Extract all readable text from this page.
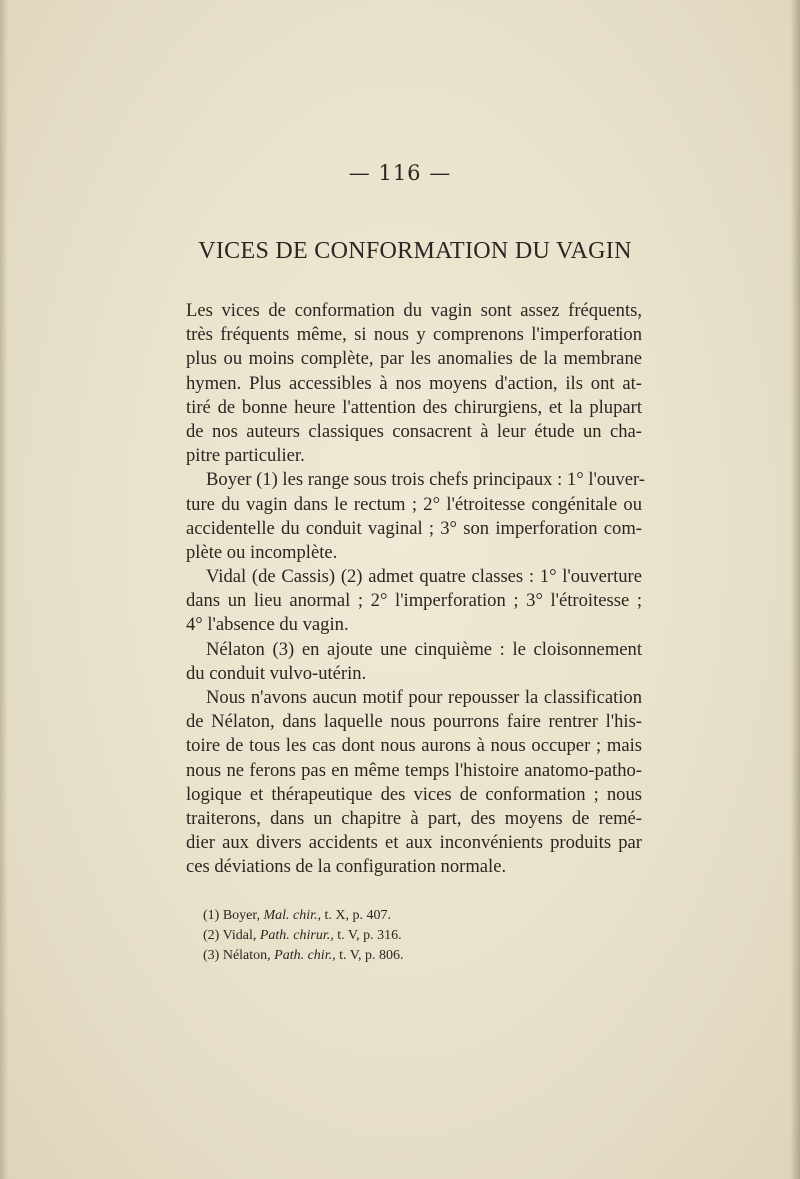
— 116 —
VICES DE CONFORMATION DU VAGIN
Les vices de conformation du vagin sont assez fréquents,
très fréquents même, si nous y comprenons l'imperforation
plus ou moins complète, par les anomalies de la membrane
hymen. Plus accessibles à nos moyens d'action, ils ont at-
tiré de bonne heure l'attention des chirurgiens, et la plupart
de nos auteurs classiques consacrent à leur étude un cha-
pitre particulier.
Boyer (1) les range sous trois chefs principaux : 1° l'ouver-
ture du vagin dans le rectum ; 2° l'étroitesse congénitale ou
accidentelle du conduit vaginal ; 3° son imperforation com-
plète ou incomplète.
Vidal (de Cassis) (2) admet quatre classes : 1° l'ouverture
dans un lieu anormal ; 2° l'imperforation ; 3° l'étroitesse ;
4° l'absence du vagin.
Nélaton (3) en ajoute une cinquième : le cloisonnement
du conduit vulvo-utérin.
Nous n'avons aucun motif pour repousser la classification
de Nélaton, dans laquelle nous pourrons faire rentrer l'his-
toire de tous les cas dont nous aurons à nous occuper ; mais
nous ne ferons pas en même temps l'histoire anatomo-patho-
logique et thérapeutique des vices de conformation ; nous
traiterons, dans un chapitre à part, des moyens de remé-
dier aux divers accidents et aux inconvénients produits par
ces déviations de la configuration normale.
(1) Boyer, Mal. chir., t. X, p. 407.
(2) Vidal, Path. chirur., t. V, p. 316.
(3) Nélaton, Path. chir., t. V, p. 806.
